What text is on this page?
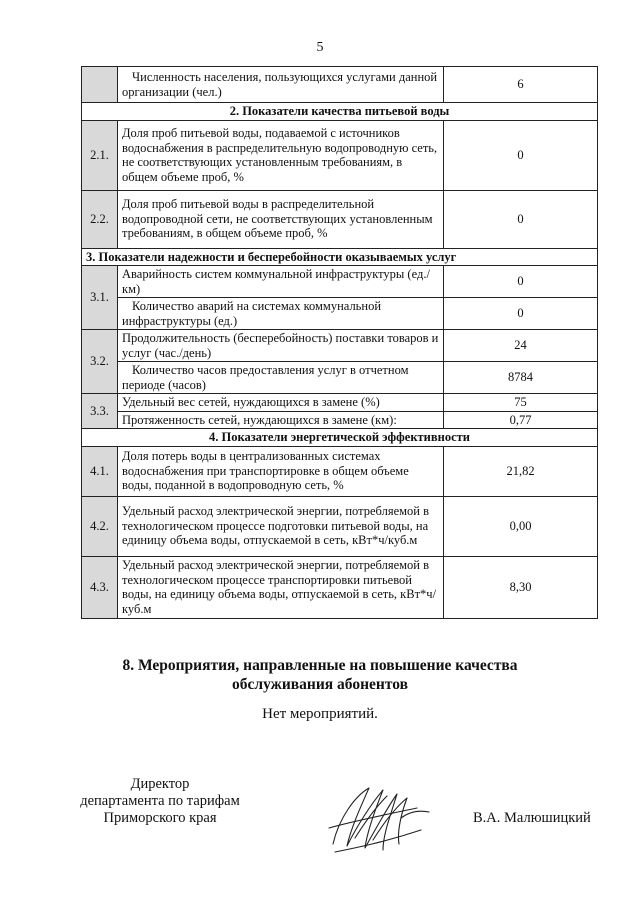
5
	Численность населения, пользующихся услугами данной организации (чел.)	6
2. Показатели качества питьевой воды		
2.1.	Доля проб питьевой воды, подаваемой с источников водоснабжения в распределительную водопроводную сеть, не соответствующих установленным требованиям, в общем объеме проб, %	0
2.2.	Доля проб питьевой воды в распределительной водопроводной сети, не соответствующих установленным требованиям, в общем объеме проб, %	0
3. Показатели надежности и бесперебойности оказываемых услуг		
3.1.	Аварийность систем коммунальной инфраструктуры (ед./км)	0
	Количество аварий на системах коммунальной инфраструктуры (ед.)	0
3.2.	Продолжительность (бесперебойность) поставки товаров и услуг (час./день)	24
	Количество часов предоставления услуг в отчетном периоде (часов)	8784
3.3.	Удельный вес сетей, нуждающихся в замене (%)	75
	Протяженность сетей, нуждающихся в замене (км):	0,77
4. Показатели энергетической эффективности		
4.1.	Доля потерь воды в централизованных системах водоснабжения при транспортировке в общем объеме воды, поданной в водопроводную сеть, %	21,82
4.2.	Удельный расход электрической энергии, потребляемой в технологическом процессе подготовки питьевой воды, на единицу объема воды, отпускаемой в сеть, кВт*ч/куб.м	0,00
4.3.	Удельный расход электрической энергии, потребляемой в технологическом процессе транспортировки питьевой воды, на единицу объема воды, отпускаемой в сеть, кВт*ч/куб.м	8,30
8. Мероприятия, направленные на повышение качества
обслуживания абонентов
Нет мероприятий.
Директор
департамента по тарифам
Приморского края	В.А. Малюшицкий
